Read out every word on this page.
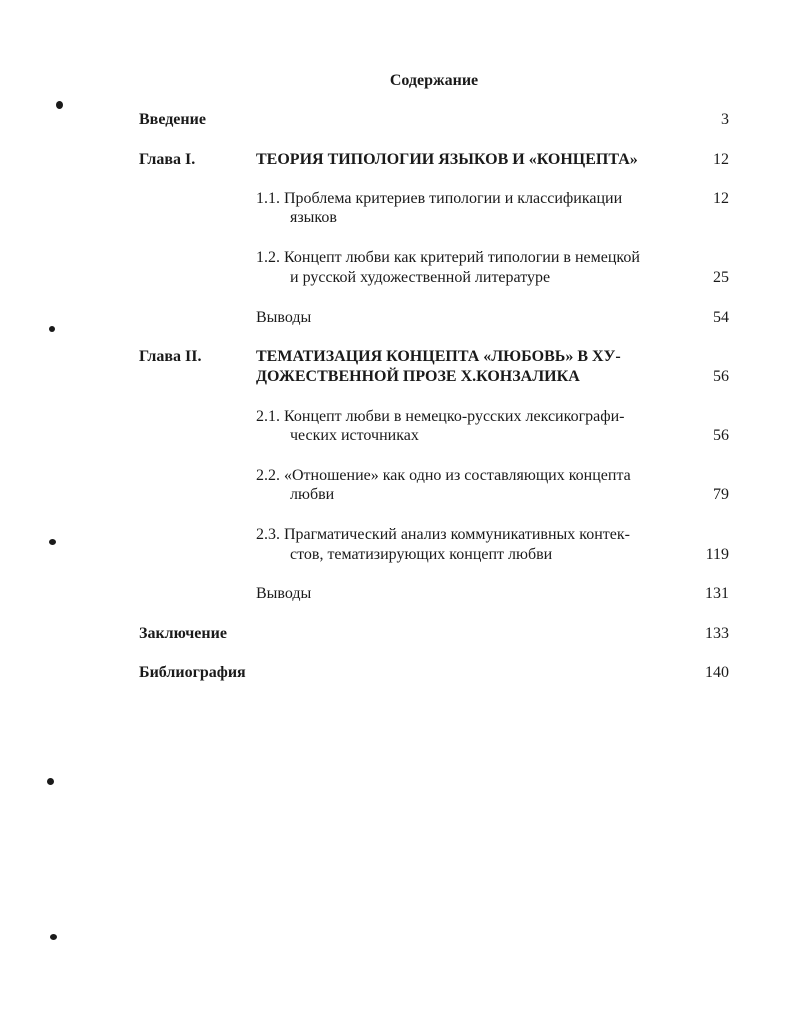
Содержание
Введение	3
Глава I.	ТЕОРИЯ ТИПОЛОГИИ ЯЗЫКОВ И «КОНЦЕПТА»	12
1.1. Проблема критериев типологии и классификации
языков
12
1.2. Концепт любви как критерий типологии в немецкой
и русской художественной литературе	25
Выводы	54
Глава II.	ТЕМАТИЗАЦИЯ КОНЦЕПТА «ЛЮБОВЬ» В ХУ-
ДОЖЕСТВЕННОЙ ПРОЗЕ Х.КОНЗАЛИКА	56
2.1. Концепт любви в немецко-русских лексикографи-
ческих источниках	56
2.2. «Отношение» как одно из составляющих концепта
любви	79
2.3. Прагматический анализ коммуникативных контек-
стов, тематизирующих концепт любви	119
Выводы	131
Заключение	133
Библиография	140
